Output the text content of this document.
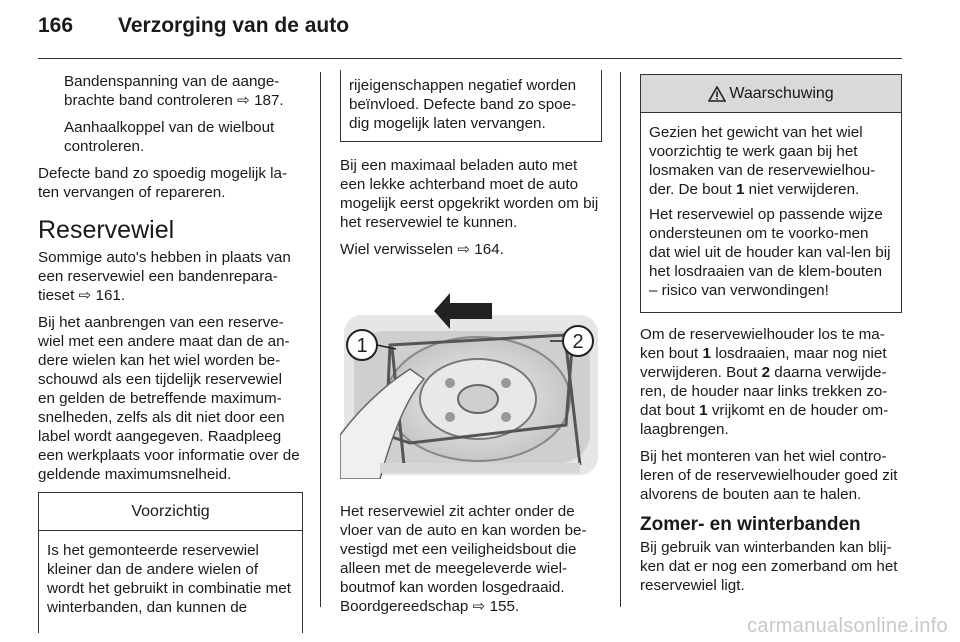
166 Verzorging van de auto

Bandenspanning van de aange-brachte band controleren ⇨ 187.

Aanhaalkoppel van de wielbout controleren.

Defecte band zo spoedig mogelijk la-ten vervangen of repareren.

Reservewiel

Sommige auto's hebben in plaats van een reservewiel een bandenrepara-tieset ⇨ 161.

Bij het aanbrengen van een reserve-wiel met een andere maat dan de an-dere wielen kan het wiel worden be-schouwd als een tijdelijk reservewiel en gelden de betreffende maximum-snelheden, zelfs als dit niet door een label wordt aangegeven. Raadpleeg een werkplaats voor informatie over de geldende maximumsnelheid.

Voorzichtig
Is het gemonteerde reservewiel kleiner dan de andere wielen of wordt het gebruikt in combinatie met winterbanden, dan kunnen de
rijeigenschappen negatief worden beïnvloed. Defecte band zo spoe-dig mogelijk laten vervangen.

Bij een maximaal beladen auto met een lekke achterband moet de auto mogelijk eerst opgekrikt worden om bij het reservewiel te kunnen.

Wiel verwisselen ⇨ 164.

1	2

Het reservewiel zit achter onder de vloer van de auto en kan worden be-vestigd met een veiligheidsbout die alleen met de meegeleverde wiel-boutmof kan worden losgedraaid. Boordgereedschap ⇨ 155.

Waarschuwing

Gezien het gewicht van het wiel voorzichtig te werk gaan bij het losmaken van de reservewielhou-der. De bout 1 niet verwijderen.

Het reservewiel op passende wijze ondersteunen om te voorko-men dat wiel uit de houder kan val-len bij het losdraaien van de klem-bouten – risico van verwondingen!

Om de reservewielhouder los te ma-ken bout 1 losdraaien, maar nog niet verwijderen. Bout 2 daarna verwijde-ren, de houder naar links trekken zo-dat bout 1 vrijkomt en de houder om-laagbrengen.

Bij het monteren van het wiel contro-leren of de reservewielhouder goed zit alvorens de bouten aan te halen.

Zomer- en winterbanden

Bij gebruik van winterbanden kan blij-ken dat er nog een zomerband om het reservewiel ligt.

carmanualsonline.info
